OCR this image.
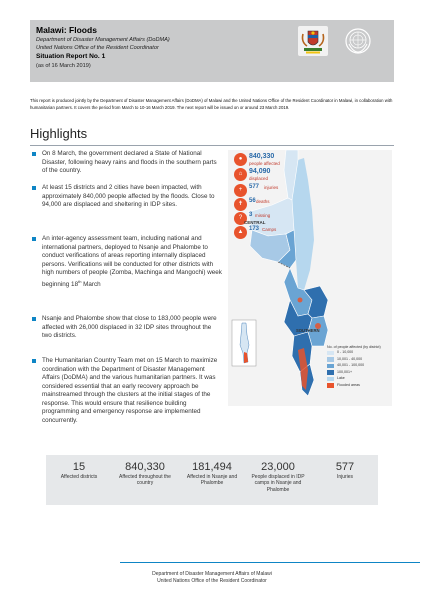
Malawi: Floods
Department of Disaster Management Affairs (DoDMA)
United Nations Office of the Resident Coordinator
Situation Report No. 1
(as of 16 March 2019)
This report is produced jointly by the Department of Disaster Management Affairs (DoDMA) of Malawi and the United Nations Office of the Resident Coordinator in Malawi, in collaboration with humanitarian partners. It covers the period from March to 10-16 March 2019. The next report will be issued on or around 23 March 2019.
Highlights
On 8 March, the government declared a State of National Disaster, following heavy rains and floods in the southern parts of the country.
At least 15 districts and 2 cities have been impacted, with approximately 840,000 people affected by the floods. Close to 94,000 are displaced and sheltering in IDP sites.
An inter-agency assessment team, including national and international partners, deployed to Nsanje and Phalombe to conduct verifications of areas reporting internally displaced persons. Verifications will be conducted for other districts with high numbers of people (Zomba, Machinga and Mangochi) week beginning 18th March
Nsanje and Phalombe show that close to 183,000 people were affected with 26,000 displaced in 32 IDP sites throughout the two districts.
The Humanitarian Country Team met on 15 March to maximize coordination with the Department of Disaster Management Affairs (DoDMA) and the various humanitarian partners. It was considered essential that an early recovery approach be mainstreamed through the clusters at the initial stages of the response. This would ensure that resilience building programming and emergency response are implemented concurrently.
● 840,330
people affected
⌂ 94,090
displaced
+	577 injuries
✝ 56 deaths
?	3 missing
▲ 173 Camps
CENTRAL
SOUTHERN
No. of people affected (by district)
0 - 10,000
10,001 - 40,000
40,001 - 100,000
100,001+
Lake
Flooded areas
15
Affected districts
840,330
Affected throughout the country
181,494
Affected in Nsanje and Phalombe
23,000
People displaced in IDP camps in Nsanje and Phalombe
577
Injuries
Department of Disaster Management Affairs of Malawi
United Nations Office of the Resident Coordinator
